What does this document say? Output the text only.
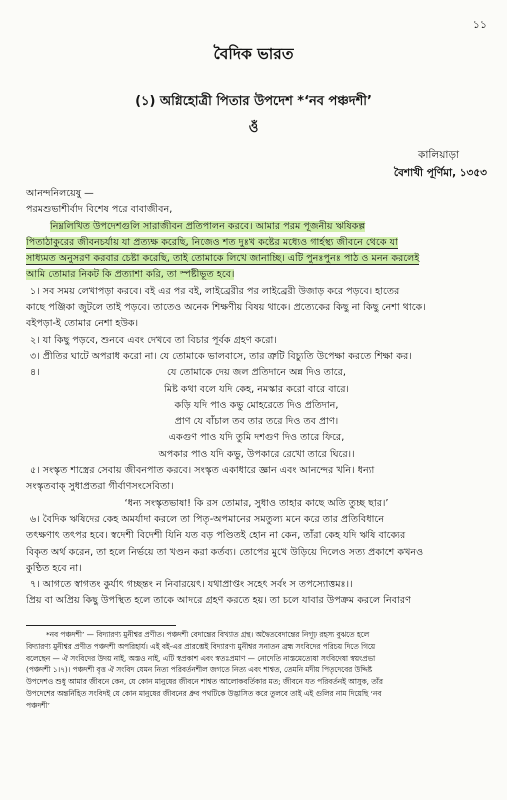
১১
বৈদিক ভারত
(১) অগ্নিহোত্রী পিতার উপদেশ *‘নব পঞ্চদশী’
ওঁ
কালিয়াড়া
বৈশাখী পূর্ণিমা, ১৩৫৩
আনন্দনিলয়েষু —
পরমশুভাশীর্বাদ বিশেষ পরে বাবাজীবন,
নিম্নলিখিত উপদেশগুলি সারাজীবন প্রতিপালন করবে। আমার পরম পূজনীয় ঋষিকল্প
পিতাঠাকুরের জীবনচর্যায় যা প্রত্যক্ষ করেছি, নিজেও শত দুঃখ কষ্টের মধ্যেও গার্হস্থ্য জীবনে থেকে যা
সাধ্যমত অনুসরণ করবার চেষ্টা করেছি, তাই তোমাকে লিখে জানাচ্ছি। এটি পুনঃপুনঃ পাঠ ও মনন করলেই
আমি তোমার নিকট কি প্রত্যাশা করি, তা স্পষ্টীভূত হবে।
১। সব সময় লেখাপড়া করবে। বই এর পর বই, লাইব্রেরীর পর লাইব্রেরী উজাড় করে পড়বে। হাতের
কাছে পঞ্জিকা জুটলে তাই পড়বে। তাতেও অনেক শিক্ষণীয় বিষয় থাকে। প্রত্যেকের কিছু না কিছু নেশা থাকে।
বইপড়া-ই তোমার নেশা হউক।
২। যা কিছু পড়বে, শুনবে এবং দেখবে তা বিচার পূর্বক গ্রহণ করো।
৩। প্রীতির ঘাটে অপরাধ করো না। যে তোমাকে ভালবাসে, তার ত্রুটি বিচ্যুতি উপেক্ষা করতে শিক্ষা কর।
৪।	যে তোমাকে দেয় জল প্রতিদানে অন্ন দিও তারে,
মিষ্ট কথা বলে যদি কেহ, নমস্কার করো বারে বারে।
কড়ি যদি পাও কভু মোহরেতে দিও প্রতিদান,
প্রাণ যে বাঁচাল তব তার তরে দিও তব প্রাণ।
একগুণ পাও যদি তুমি দশগুণ দিও তারে ফিরে,
অপকার পাও যদি কভু, উপকারে রেখো তারে ঘিরে।।
৫। সংস্কৃত শাস্ত্রের সেবায় জীবনপাত করবে। সংস্কৃত একাধারে জ্ঞান এবং আনন্দের খনি। ধন্যা
সংস্কৃতবাক্ সুধাপ্রতরা গীর্বাণসংসেবিতা।
‘ধন্য সংস্কৃতভাষা! কি রস তোমার, সুধাও তাহার কাছে অতি তুচ্ছ ছার।’
৬। বৈদিক ঋষিদের কেহ অমর্যাদা করলে তা পিতৃ-অপমানের সমতুল্য মনে করে তার প্রতিবিধানে
তৎক্ষণাৎ তৎপর হবে। স্বদেশী বিদেশী যিনি যত বড় পণ্ডিতই হোন না কেন, তাঁরা কেহ যদি ঋষি বাক্যের
বিকৃত অর্থ করেন, তা হলে নির্ভয়ে তা খণ্ডন করা কর্তব্য। তোপের মুখে উড়িয়ে দিলেও সত্য প্রকাশে কখনও
কুণ্ঠিত হবে না।
৭। আগতে স্বাগতং কুর্যাৎ গচ্ছন্তং ন নিবারয়েৎ। যথাপ্রাপ্তং সহেৎ সর্বং স তপস্যোত্তমঃ।।
প্রিয় বা অপ্রিয় কিছু উপস্থিত হলে তাকে আদরে গ্রহণ করতে হয়। তা চলে যাবার উপক্রম করলে নিবারণ
*নব পঞ্চদশী’ — বিদ্যারণ্য মুনীশ্বর প্রণীত। পঞ্চদশী বেদান্তের বিখ্যাত গ্রন্থ। অদ্বৈতবেদান্তের নিগূঢ় রহস্য বুঝতে হলে
বিদ্যারণ্য মুনীশ্বর প্রণীত পঞ্চদশী অপরিহার্য। এই বই-এর প্রারম্ভেই বিদ্যারণ্য মুনীশ্বর সনাতন ব্রহ্ম সংবিদের পরিচয় দিতে গিয়ে
বলেছেন — ঐ সংবিদের উদয় নাই, অস্তও নাই, এটি স্বপ্রকাশ এবং স্বতঃপ্রমাণ — নোদেতি নাস্তমেত্যেষা সংবিদেষা স্বয়ংপ্রভা
(পঞ্চদশী ১।৭)। পঞ্চদশী বৃত্ত ঐ সংবিদ যেমন নিত্য পরিবর্তনশীল জগতে নিত্য এবং শাশ্বত, তেমনি মদীয় পিতৃদেবের উদ্দিষ্ট
উপদেশও শুধু আমার জীবনে কেন, যে কোন মানুষের জীবনে শাশ্বত আলোকবর্তিকার মত; জীবনে যত পরিবর্তনই আসুক, তাঁর
উপদেশের অন্তর্নিহিত সংবিদই যে কোন মানুষের জীবনের ধ্রুব পথটিকে উদ্ভাসিত করে তুলবে তাই এই গুলির নাম দিয়েছি ‘নব
পঞ্চদশী’
